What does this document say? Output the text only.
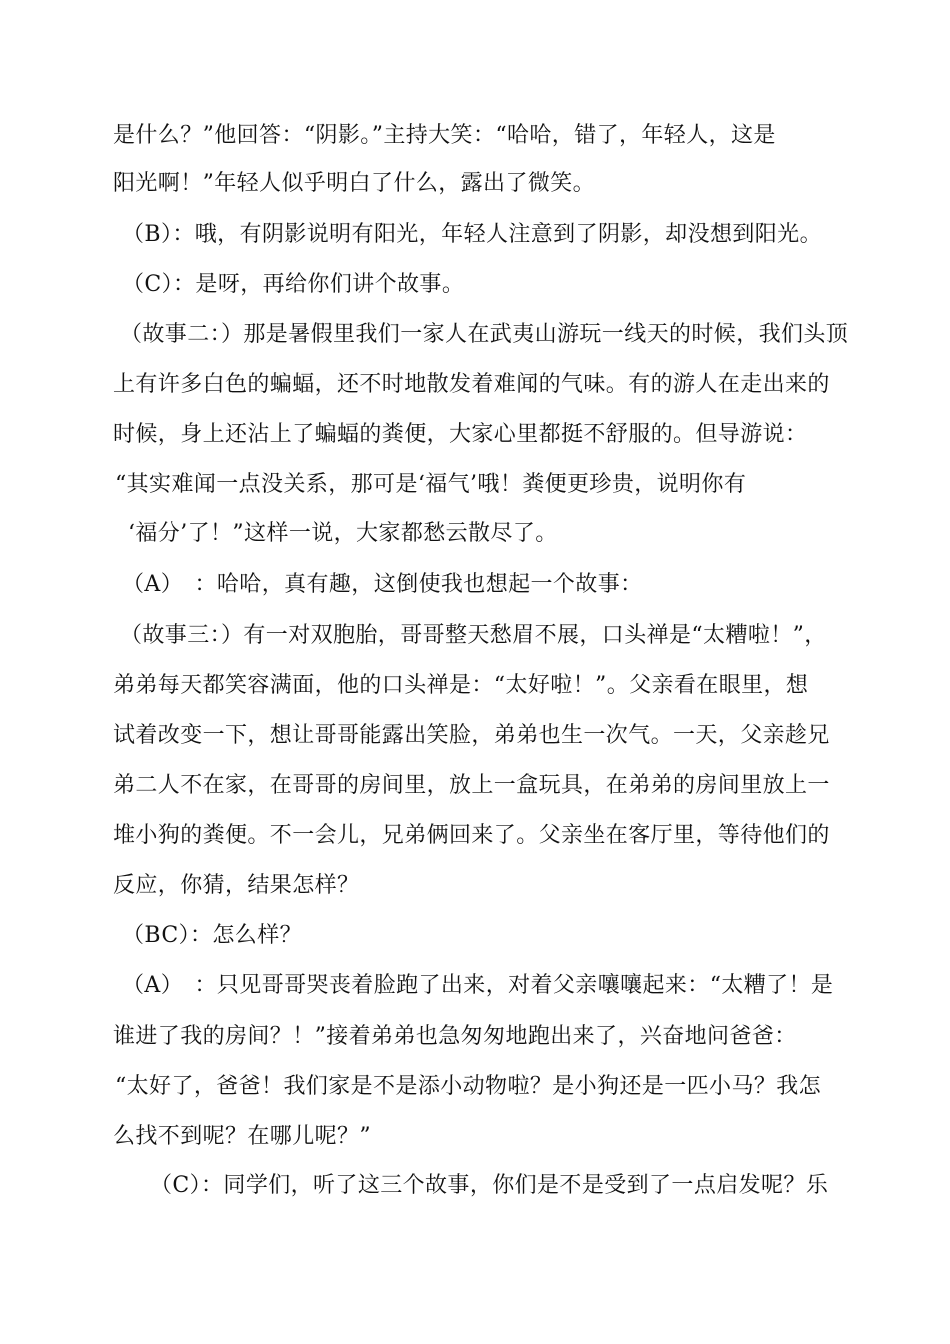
是什么？”他回答：“阴影。”主持大笑：“哈哈，错了，年轻人，这是
阳光啊！”年轻人似乎明白了什么，露出了微笑。
（B）：哦，有阴影说明有阳光，年轻人注意到了阴影，却没想到阳光。
（C）：是呀，再给你们讲个故事。
（故事二：）那是暑假里我们一家人在武夷山游玩一线天的时候，我们头顶
上有许多白色的蝙蝠，还不时地散发着难闻的气味。有的游人在走出来的
时候，身上还沾上了蝙蝠的粪便，大家心里都挺不舒服的。但导游说：
“其实难闻一点没关系，那可是‘福气’哦！粪便更珍贵，说明你有
‘福分’了！”这样一说，大家都愁云散尽了。
（A）　：哈哈，真有趣，这倒使我也想起一个故事：
（故事三：）有一对双胞胎，哥哥整天愁眉不展，口头禅是“太糟啦！”，
弟弟每天都笑容满面，他的口头禅是：“太好啦！”。父亲看在眼里，想
试着改变一下，想让哥哥能露出笑脸，弟弟也生一次气。一天，父亲趁兄
弟二人不在家，在哥哥的房间里，放上一盒玩具，在弟弟的房间里放上一
堆小狗的粪便。不一会儿，兄弟俩回来了。父亲坐在客厅里，等待他们的
反应，你猜，结果怎样？
（BC）：怎么样？
（A）　：只见哥哥哭丧着脸跑了出来，对着父亲嚷嚷起来：“太糟了！是
谁进了我的房间？！”接着弟弟也急匆匆地跑出来了，兴奋地问爸爸：
“太好了，爸爸！我们家是不是添小动物啦？是小狗还是一匹小马？我怎
么找不到呢？在哪儿呢？”
（C）：同学们，听了这三个故事，你们是不是受到了一点启发呢？乐
